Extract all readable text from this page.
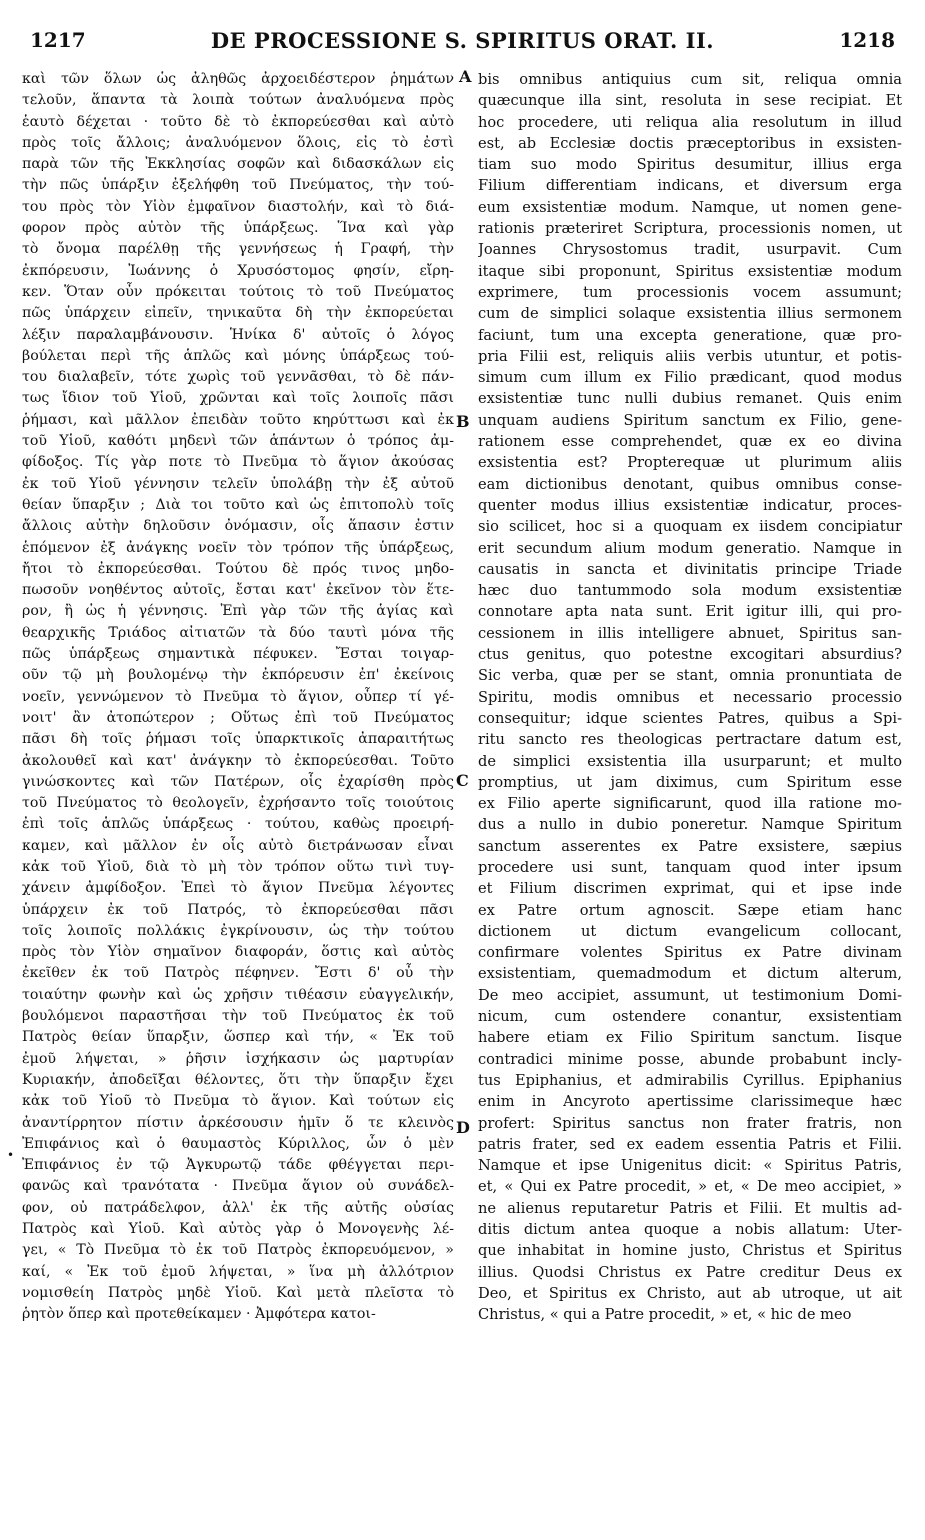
1217	DE PROCESSIONE S. SPIRITUS ORAT. II.	1218
καὶ τῶν ὅλων ὡς ἀληθῶς ἀρχοειδέστερον ῥημάτων
τελοῦν, ἅπαντα τὰ λοιπὰ τούτων ἀναλυόμενα πρὸς
ἑαυτὸ δέχεται · τοῦτο δὲ τὸ ἐκπορεύεσθαι καὶ αὐτὸ
πρὸς τοῖς ἄλλοις; ἀναλυόμενον ὅλοις, εἰς τὸ ἐστὶ
παρὰ τῶν τῆς Ἐκκλησίας σοφῶν καὶ διδασκάλων εἰς
τὴν πῶς ὑπάρξιν ἐξελήφθη τοῦ Πνεύματος, τὴν τού-
του πρὸς τὸν Υἱὸν ἐμφαῖνον διαστολήν, καὶ τὸ διά-
φορον πρὸς αὐτὸν τῆς ὑπάρξεως. Ἵνα καὶ γὰρ
τὸ ὄνομα παρέλθῃ τῆς γεννήσεως ἡ Γραφή, τὴν
ἐκπόρευσιν, Ἰωάννης ὁ Χρυσόστομος φησίν, εἴρη-
κεν. Ὅταν οὖν πρόκειται τούτοις τὸ τοῦ Πνεύματος
πῶς ὑπάρχειν εἰπεῖν, τηνικαῦτα δὴ τὴν ἐκπορεύεται
λέξιν παραλαμβάνουσιν. Ἡνίκα δ' αὐτοῖς ὁ λόγος
βούλεται περὶ τῆς ἁπλῶς καὶ μόνης ὑπάρξεως τού-
του διαλαβεῖν, τότε χωρὶς τοῦ γεννᾶσθαι, τὸ δὲ πάν-
τως ἴδιον τοῦ Υἱοῦ, χρῶνται καὶ τοῖς λοιποῖς πᾶσι
ῥήμασι, καὶ μᾶλλον ἐπειδὰν τοῦτο κηρύττωσι καὶ ἐκ
τοῦ Υἱοῦ, καθότι μηδενὶ τῶν ἁπάντων ὁ τρόπος ἀμ-
φίδοξος. Τίς γὰρ ποτε τὸ Πνεῦμα τὸ ἅγιον ἀκούσας
ἐκ τοῦ Υἱοῦ γέννησιν τελεῖν ὑπολάβῃ τὴν ἐξ αὐτοῦ
θείαν ὕπαρξιν ; Διὰ τοι τοῦτο καὶ ὡς ἐπιτοπολὺ τοῖς
ἄλλοις αὐτὴν δηλοῦσιν ὀνόμασιν, οἷς ἅπασιν ἐστιν
ἑπόμενον ἐξ ἀνάγκης νοεῖν τὸν τρόπον τῆς ὑπάρξεως,
ἤτοι τὸ ἐκπορεύεσθαι. Τούτου δὲ πρός τινος μηδο-
πωσοῦν νοηθέντος αὐτοῖς, ἔσται κατ' ἐκεῖνον τὸν ἕτε-
ρον, ἢ ὡς ἡ γέννησις. Ἐπὶ γὰρ τῶν τῆς ἁγίας καὶ
θεαρχικῆς Τριάδος αἰτιατῶν τὰ δύο ταυτὶ μόνα τῆς
πῶς ὑπάρξεως σημαντικὰ πέφυκεν. Ἔσται τοιγαρ-
οῦν τῷ μὴ βουλομένῳ τὴν ἐκπόρευσιν ἐπ' ἐκείνοις
νοεῖν, γεννώμενον τὸ Πνεῦμα τὸ ἅγιον, οὗπερ τί γέ-
νοιτ' ἂν ἀτοπώτερον ; Οὕτως ἐπὶ τοῦ Πνεύματος
πᾶσι δὴ τοῖς ῥήμασι τοῖς ὑπαρκτικοῖς ἀπαραιτήτως
ἀκολουθεῖ καὶ κατ' ἀνάγκην τὸ ἐκπορεύεσθαι. Τοῦτο
γινώσκοντες καὶ τῶν Πατέρων, οἷς ἐχαρίσθη πρὸς
τοῦ Πνεύματος τὸ θεολογεῖν, ἐχρήσαντο τοῖς τοιούτοις
ἐπὶ τοῖς ἁπλῶς ὑπάρξεως · τούτου, καθὼς προειρή-
καμεν, καὶ μᾶλλον ἐν οἷς αὐτὸ διετράνωσαν εἶναι
κἀκ τοῦ Υἱοῦ, διὰ τὸ μὴ τὸν τρόπον οὕτω τινὶ τυγ-
χάνειν ἀμφίδοξον. Ἐπεὶ τὸ ἅγιον Πνεῦμα λέγοντες
ὑπάρχειν ἐκ τοῦ Πατρός, τὸ ἐκπορεύεσθαι πᾶσι
τοῖς λοιποῖς πολλάκις ἐγκρίνουσιν, ὡς τὴν τούτου
πρὸς τὸν Υἱὸν σημαῖνον διαφοράν, ὅστις καὶ αὐτὸς
ἐκεῖθεν ἐκ τοῦ Πατρὸς πέφηνεν. Ἔστι δ' οὖ τὴν
τοιαύτην φωνὴν καὶ ὡς χρῆσιν τιθέασιν εὐαγγελικήν,
βουλόμενοι παραστῆσαι τὴν τοῦ Πνεύματος ἐκ τοῦ
Πατρὸς θείαν ὕπαρξιν, ὥσπερ καὶ τήν, « Ἐκ τοῦ
ἐμοῦ λήψεται, » ῥῆσιν ἰσχήκασιν ὡς μαρτυρίαν
Κυριακήν, ἀποδεῖξαι θέλοντες, ὅτι τὴν ὕπαρξιν ἔχει
κἀκ τοῦ Υἱοῦ τὸ Πνεῦμα τὸ ἅγιον. Καὶ τούτων εἰς
ἀναντίρρητον πίστιν ἀρκέσουσιν ἡμῖν ὅ τε κλεινὸς
Ἐπιφάνιος καὶ ὁ θαυμαστὸς Κύριλλος, ὧν ὁ μὲν
Ἐπιφάνιος ἐν τῷ Ἀγκυρωτῷ τάδε φθέγγεται περι-
φανῶς καὶ τρανότατα · Πνεῦμα ἅγιον οὐ συνάδελ-
φον, οὐ πατράδελφον, ἀλλ' ἐκ τῆς αὐτῆς οὐσίας
Πατρὸς καὶ Υἱοῦ. Καὶ αὐτὸς γὰρ ὁ Μονογενὴς λέ-
γει, « Τὸ Πνεῦμα τὸ ἐκ τοῦ Πατρὸς ἐκπορευόμενον, »
καί, « Ἐκ τοῦ ἐμοῦ λήψεται, » ἵνα μὴ ἀλλότριον
νομισθείη Πατρὸς μηδὲ Υἱοῦ. Καὶ μετὰ πλεῖστα τὸ
ῥητὸν ὅπερ καὶ προτεθείκαμεν · Ἀμφότερα κατοι-
bis omnibus antiquius cum sit, reliqua omnia
quæcunque illa sint, resoluta in sese recipiat. Et
hoc procedere, uti reliqua alia resolutum in illud
est, ab Ecclesiæ doctis præceptoribus in exsisten-
tiam suo modo Spiritus desumitur, illius erga
Filium differentiam indicans, et diversum erga
eum exsistentiæ modum. Namque, ut nomen gene-
rationis præteriret Scriptura, processionis nomen, ut
Joannes Chrysostomus tradit, usurpavit. Cum
itaque sibi proponunt, Spiritus exsistentiæ modum
exprimere, tum processionis vocem assumunt;
cum de simplici solaque exsistentia illius sermonem
faciunt, tum una excepta generatione, quæ pro-
pria Filii est, reliquis aliis verbis utuntur, et potis-
simum cum illum ex Filio prædicant, quod modus
exsistentiæ tunc nulli dubius remanet. Quis enim
unquam audiens Spiritum sanctum ex Filio, gene-
rationem esse comprehendet, quæ ex eo divina
exsistentia est? Propterequæ ut plurimum aliis
eam dictionibus denotant, quibus omnibus conse-
quenter modus illius exsistentiæ indicatur, proces-
sio scilicet, hoc si a quoquam ex iisdem concipiatur
erit secundum alium modum generatio. Namque in
causatis in sancta et divinitatis principe Triade
hæc duo tantummodo sola modum exsistentiæ
connotare apta nata sunt. Erit igitur illi, qui pro-
cessionem in illis intelligere abnuet, Spiritus san-
ctus genitus, quo potestne excogitari absurdius?
Sic verba, quæ per se stant, omnia pronuntiata de
Spiritu, modis omnibus et necessario processio
consequitur; idque scientes Patres, quibus a Spi-
ritu sancto res theologicas pertractare datum est,
de simplici exsistentia illa usurparunt; et multo
promptius, ut jam diximus, cum Spiritum esse
ex Filio aperte significarunt, quod illa ratione mo-
dus a nullo in dubio poneretur. Namque Spiritum
sanctum asserentes ex Patre exsistere, sæpius
procedere usi sunt, tanquam quod inter ipsum
et Filium discrimen exprimat, qui et ipse inde
ex Patre ortum agnoscit. Sæpe etiam hanc
dictionem ut dictum evangelicum collocant,
confirmare volentes Spiritus ex Patre divinam
exsistentiam, quemadmodum et dictum alterum,
De meo accipiet, assumunt, ut testimonium Domi-
nicum, cum ostendere conantur, exsistentiam
habere etiam ex Filio Spiritum sanctum. Iisque
contradici minime posse, abunde probabunt incly-
tus Epiphanius, et admirabilis Cyrillus. Epiphanius
enim in Ancyroto apertissime clarissimeque hæc
profert: Spiritus sanctus non frater fratris, non
patris frater, sed ex eadem essentia Patris et Filii.
Namque et ipse Unigenitus dicit: « Spiritus Patris,
et, « Qui ex Patre procedit, » et, « De meo accipiet, »
ne alienus reputaretur Patris et Filii. Et multis ad-
ditis dictum antea quoque a nobis allatum: Uter-
que inhabitat in homine justo, Christus et Spiritus
illius. Quodsi Christus ex Patre creditur Deus ex
Deo, et Spiritus ex Christo, aut ab utroque, ut ait
Christus, « qui a Patre procedit, » et, « hic de meo
A
B
C
D
•
